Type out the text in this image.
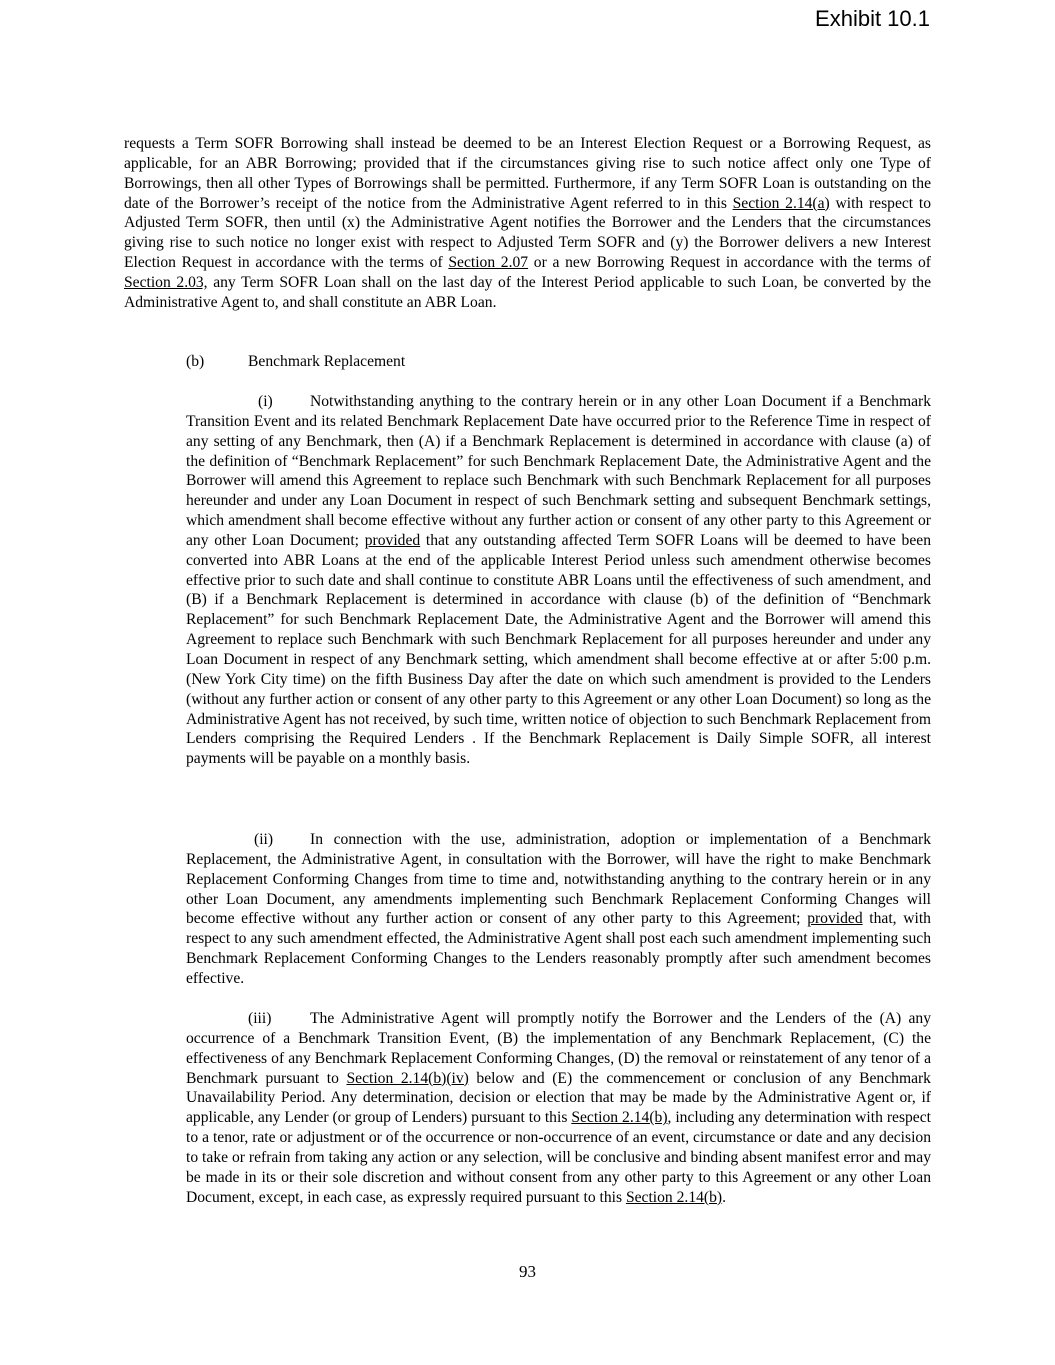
Exhibit 10.1
requests a Term SOFR Borrowing shall instead be deemed to be an Interest Election Request or a Borrowing Request, as applicable, for an ABR Borrowing; provided that if the circumstances giving rise to such notice affect only one Type of Borrowings, then all other Types of Borrowings shall be permitted. Furthermore, if any Term SOFR Loan is outstanding on the date of the Borrower’s receipt of the notice from the Administrative Agent referred to in this Section 2.14(a) with respect to Adjusted Term SOFR, then until (x) the Administrative Agent notifies the Borrower and the Lenders that the circumstances giving rise to such notice no longer exist with respect to Adjusted Term SOFR and (y) the Borrower delivers a new Interest Election Request in accordance with the terms of Section 2.07 or a new Borrowing Request in accordance with the terms of Section 2.03, any Term SOFR Loan shall on the last day of the Interest Period applicable to such Loan, be converted by the Administrative Agent to, and shall constitute an ABR Loan.
(b)	Benchmark Replacement
(i) Notwithstanding anything to the contrary herein or in any other Loan Document if a Benchmark Transition Event and its related Benchmark Replacement Date have occurred prior to the Reference Time in respect of any setting of any Benchmark, then (A) if a Benchmark Replacement is determined in accordance with clause (a) of the definition of “Benchmark Replacement” for such Benchmark Replacement Date, the Administrative Agent and the Borrower will amend this Agreement to replace such Benchmark with such Benchmark Replacement for all purposes hereunder and under any Loan Document in respect of such Benchmark setting and subsequent Benchmark settings, which amendment shall become effective without any further action or consent of any other party to this Agreement or any other Loan Document; provided that any outstanding affected Term SOFR Loans will be deemed to have been converted into ABR Loans at the end of the applicable Interest Period unless such amendment otherwise becomes effective prior to such date and shall continue to constitute ABR Loans until the effectiveness of such amendment, and (B) if a Benchmark Replacement is determined in accordance with clause (b) of the definition of “Benchmark Replacement” for such Benchmark Replacement Date, the Administrative Agent and the Borrower will amend this Agreement to replace such Benchmark with such Benchmark Replacement for all purposes hereunder and under any Loan Document in respect of any Benchmark setting, which amendment shall become effective at or after 5:00 p.m. (New York City time) on the fifth Business Day after the date on which such amendment is provided to the Lenders (without any further action or consent of any other party to this Agreement or any other Loan Document) so long as the Administrative Agent has not received, by such time, written notice of objection to such Benchmark Replacement from Lenders comprising the Required Lenders . If the Benchmark Replacement is Daily Simple SOFR, all interest payments will be payable on a monthly basis.
(ii) In connection with the use, administration, adoption or implementation of a Benchmark Replacement, the Administrative Agent, in consultation with the Borrower, will have the right to make Benchmark Replacement Conforming Changes from time to time and, notwithstanding anything to the contrary herein or in any other Loan Document, any amendments implementing such Benchmark Replacement Conforming Changes will become effective without any further action or consent of any other party to this Agreement; provided that, with respect to any such amendment effected, the Administrative Agent shall post each such amendment implementing such Benchmark Replacement Conforming Changes to the Lenders reasonably promptly after such amendment becomes effective.
(iii) The Administrative Agent will promptly notify the Borrower and the Lenders of the (A) any occurrence of a Benchmark Transition Event, (B) the implementation of any Benchmark Replacement, (C) the effectiveness of any Benchmark Replacement Conforming Changes, (D) the removal or reinstatement of any tenor of a Benchmark pursuant to Section 2.14(b)(iv) below and (E) the commencement or conclusion of any Benchmark Unavailability Period. Any determination, decision or election that may be made by the Administrative Agent or, if applicable, any Lender (or group of Lenders) pursuant to this Section 2.14(b), including any determination with respect to a tenor, rate or adjustment or of the occurrence or non-occurrence of an event, circumstance or date and any decision to take or refrain from taking any action or any selection, will be conclusive and binding absent manifest error and may be made in its or their sole discretion and without consent from any other party to this Agreement or any other Loan Document, except, in each case, as expressly required pursuant to this Section 2.14(b).
93
